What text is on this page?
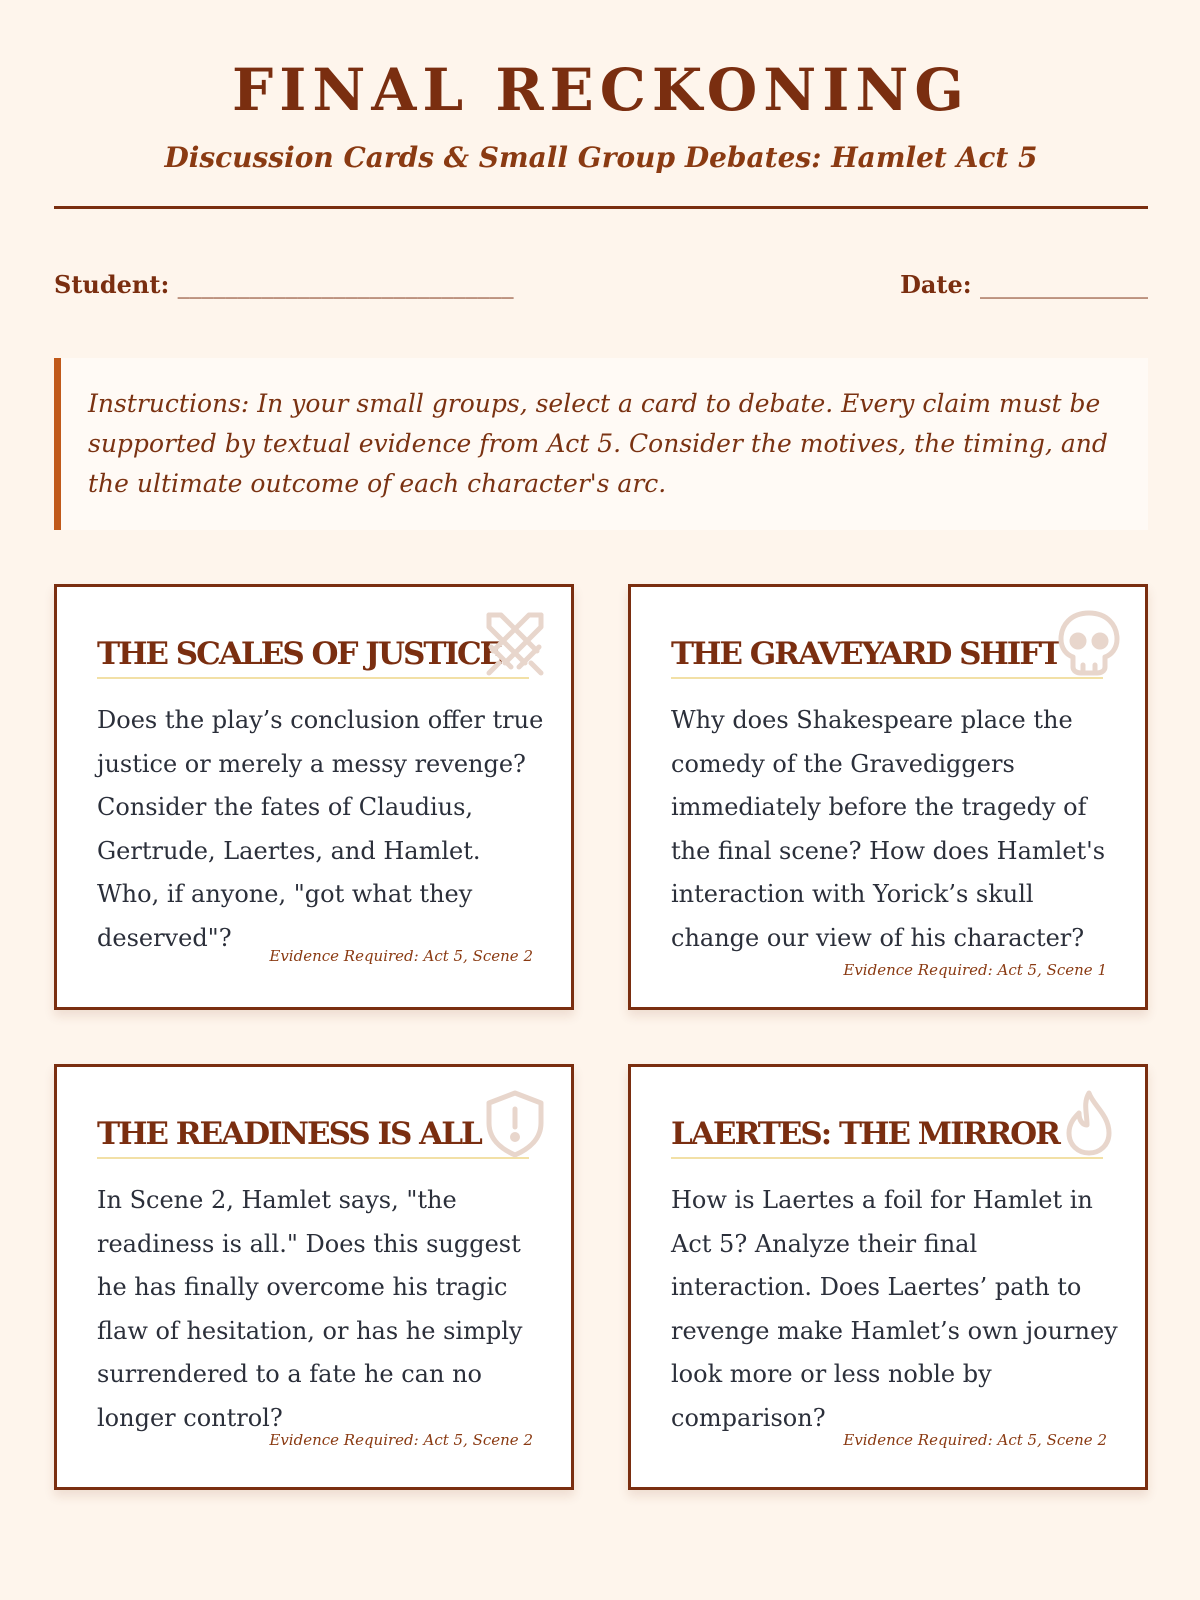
FINAL RECKONING
Discussion Cards & Small Group Debates: Hamlet Act 5
Student: ____________________________	Date: ______________
Instructions: In your small groups, select a card to debate. Every claim must be supported by textual evidence from Act 5. Consider the motives, the timing, and the ultimate outcome of each character's arc.
THE SCALES OF JUSTICE
Does the play’s conclusion offer true justice or merely a messy revenge? Consider the fates of Claudius, Gertrude, Laertes, and Hamlet. Who, if anyone, "got what they deserved"?
Evidence Required: Act 5, Scene 2
THE GRAVEYARD SHIFT
Why does Shakespeare place the comedy of the Gravediggers immediately before the tragedy of the final scene? How does Hamlet's interaction with Yorick’s skull change our view of his character?
Evidence Required: Act 5, Scene 1
THE READINESS IS ALL
In Scene 2, Hamlet says, "the readiness is all." Does this suggest he has finally overcome his tragic flaw of hesitation, or has he simply surrendered to a fate he can no longer control?
Evidence Required: Act 5, Scene 2
LAERTES: THE MIRROR
How is Laertes a foil for Hamlet in Act 5? Analyze their final interaction. Does Laertes’ path to revenge make Hamlet’s own journey look more or less noble by comparison?
Evidence Required: Act 5, Scene 2
